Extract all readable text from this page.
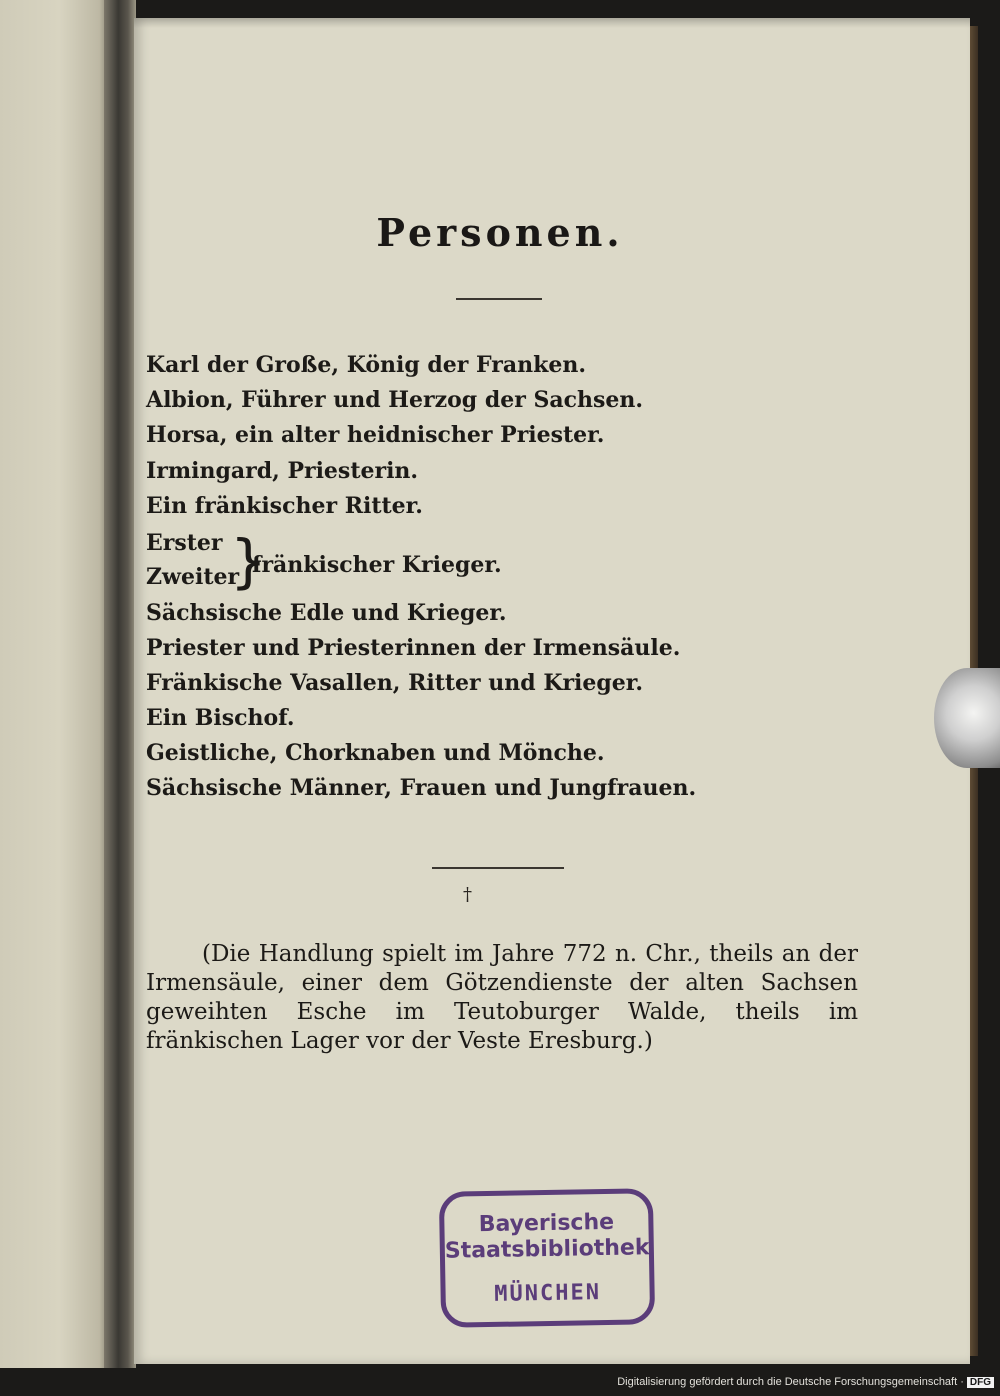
Personen.
Karl der Große, König der Franken.
Albion, Führer und Herzog der Sachsen.
Horsa, ein alter heidnischer Priester.
Irmingard, Priesterin.
Ein fränkischer Ritter.
Erster
Zweiter
}
fränkischer Krieger.
Sächsische Edle und Krieger.
Priester und Priesterinnen der Irmensäule.
Fränkische Vasallen, Ritter und Krieger.
Ein Bischof.
Geistliche, Chorknaben und Mönche.
Sächsische Männer, Frauen und Jungfrauen.
†
(Die Handlung spielt im Jahre 772 n. Chr., theils an der Irmensäule, einer dem Götzendienste der alten Sachsen geweihten Esche im Teutoburger Walde, theils im fränkischen Lager vor der Veste Eresburg.)
Bayerische
Staatsbibliothek
MÜNCHEN
Digitalisierung gefördert durch die Deutsche Forschungsgemeinschaft · DFG
